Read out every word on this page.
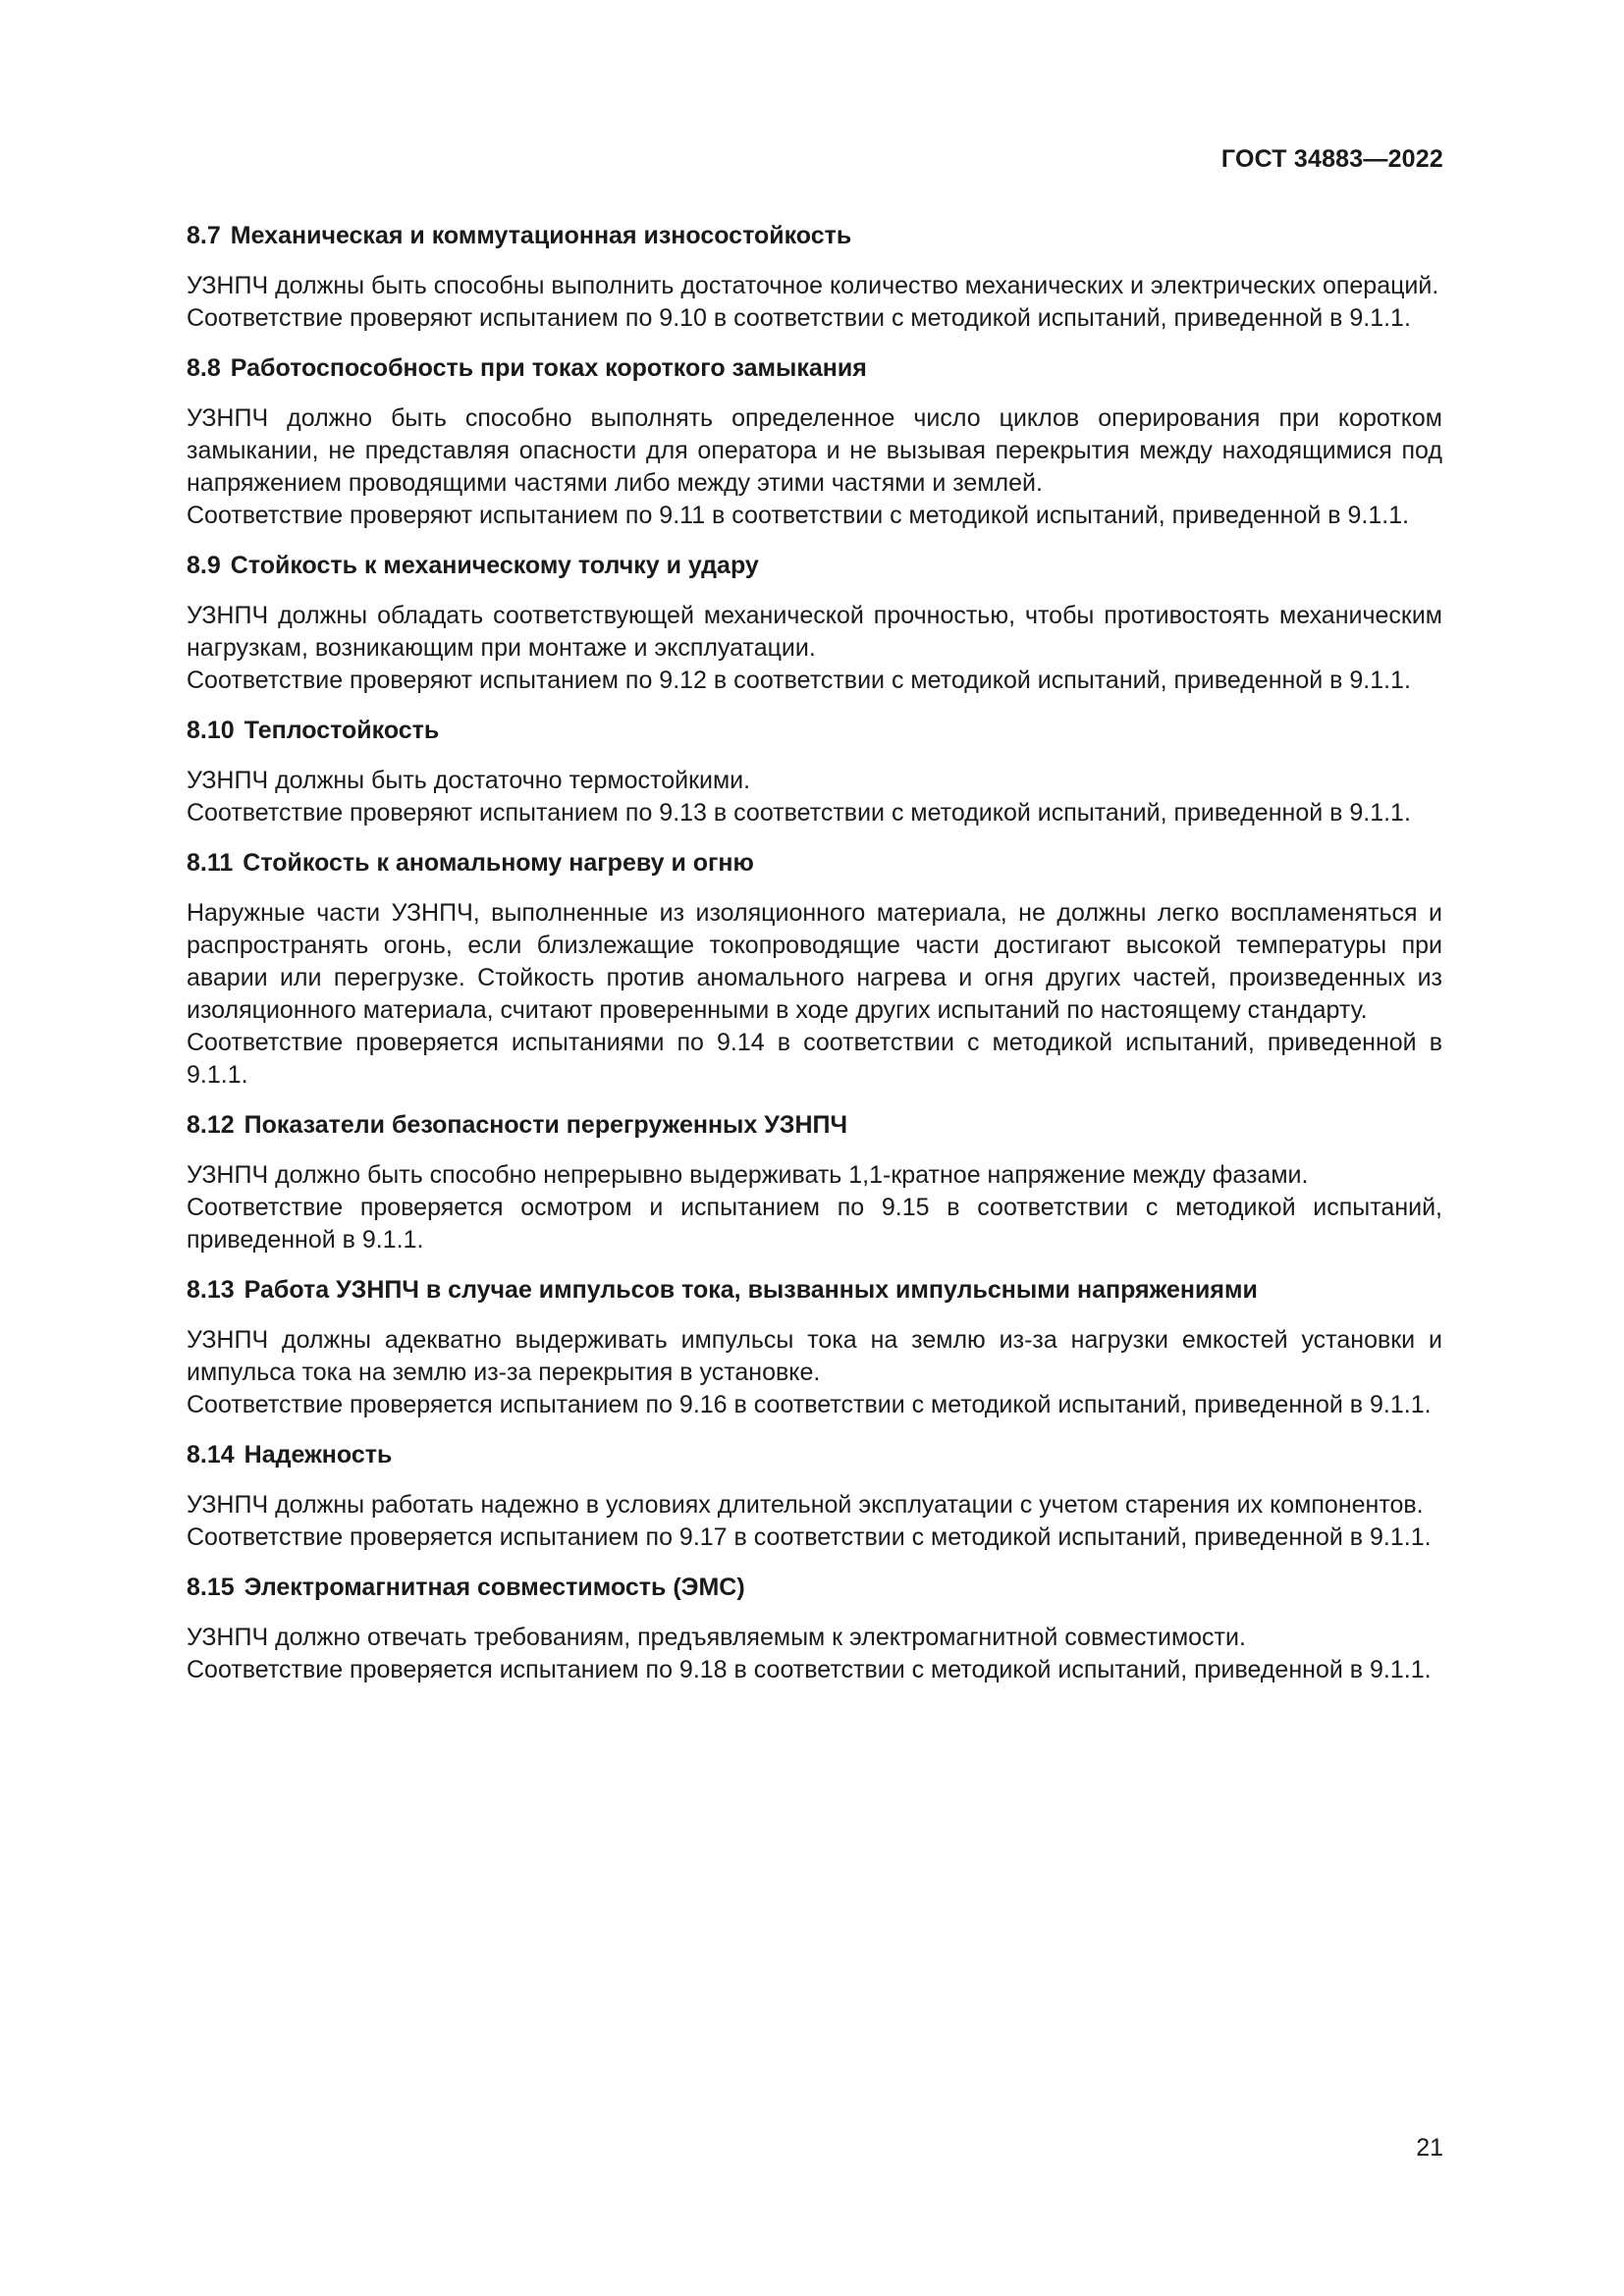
ГОСТ 34883—2022
8.7 Механическая и коммутационная износостойкость

УЗНПЧ должны быть способны выполнить достаточное количество механических и электрических операций.

Соответствие проверяют испытанием по 9.10 в соответствии с методикой испытаний, приведенной в 9.1.1.

8.8 Работоспособность при токах короткого замыкания

УЗНПЧ должно быть способно выполнять определенное число циклов оперирования при коротком замыкании, не представляя опасности для оператора и не вызывая перекрытия между находящимися под напряжением проводящими частями либо между этими частями и землей.

Соответствие проверяют испытанием по 9.11 в соответствии с методикой испытаний, приведенной в 9.1.1.

8.9 Стойкость к механическому толчку и удару

УЗНПЧ должны обладать соответствующей механической прочностью, чтобы противостоять механическим нагрузкам, возникающим при монтаже и эксплуатации.

Соответствие проверяют испытанием по 9.12 в соответствии с методикой испытаний, приведенной в 9.1.1.

8.10 Теплостойкость

УЗНПЧ должны быть достаточно термостойкими.

Соответствие проверяют испытанием по 9.13 в соответствии с методикой испытаний, приведенной в 9.1.1.

8.11 Стойкость к аномальному нагреву и огню

Наружные части УЗНПЧ, выполненные из изоляционного материала, не должны легко воспламеняться и распространять огонь, если близлежащие токопроводящие части достигают высокой температуры при аварии или перегрузке. Стойкость против аномального нагрева и огня других частей, произведенных из изоляционного материала, считают проверенными в ходе других испытаний по настоящему стандарту.

Соответствие проверяется испытаниями по 9.14 в соответствии с методикой испытаний, приведенной в 9.1.1.

8.12 Показатели безопасности перегруженных УЗНПЧ

УЗНПЧ должно быть способно непрерывно выдерживать 1,1-кратное напряжение между фазами.

Соответствие проверяется осмотром и испытанием по 9.15 в соответствии с методикой испытаний, приведенной в 9.1.1.

8.13 Работа УЗНПЧ в случае импульсов тока, вызванных импульсными напряжениями

УЗНПЧ должны адекватно выдерживать импульсы тока на землю из-за нагрузки емкостей установки и импульса тока на землю из-за перекрытия в установке.

Соответствие проверяется испытанием по 9.16 в соответствии с методикой испытаний, приведенной в 9.1.1.

8.14 Надежность

УЗНПЧ должны работать надежно в условиях длительной эксплуатации с учетом старения их компонентов.

Соответствие проверяется испытанием по 9.17 в соответствии с методикой испытаний, приведенной в 9.1.1.

8.15 Электромагнитная совместимость (ЭМС)

УЗНПЧ должно отвечать требованиям, предъявляемым к электромагнитной совместимости.

Соответствие проверяется испытанием по 9.18 в соответствии с методикой испытаний, приведенной в 9.1.1.

21
